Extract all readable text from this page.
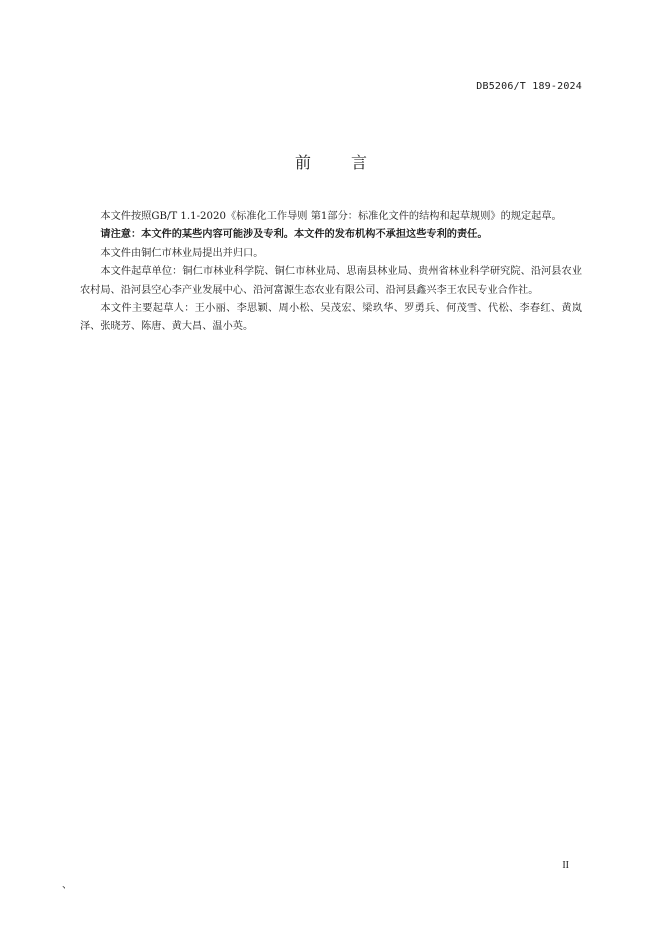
DB5206/T 189-2024
前	言

本文件按照GB/T 1.1-2020《标准化工作导则 第1部分：标准化文件的结构和起草规则》的规定起草。

请注意：本文件的某些内容可能涉及专利。本文件的发布机构不承担这些专利的责任。

本文件由铜仁市林业局提出并归口。

本文件起草单位：铜仁市林业科学院、铜仁市林业局、思南县林业局、贵州省林业科学研究院、沿河县农业农村局、沿河县空心李产业发展中心、沿河富源生态农业有限公司、沿河县鑫兴李王农民专业合作社。

本文件主要起草人：王小丽、李思颖、周小松、吴茂宏、梁玖华、罗勇兵、何茂雪、代松、李春红、黄岚泽、张晓芳、陈唐、黄大昌、温小英。

II
、
